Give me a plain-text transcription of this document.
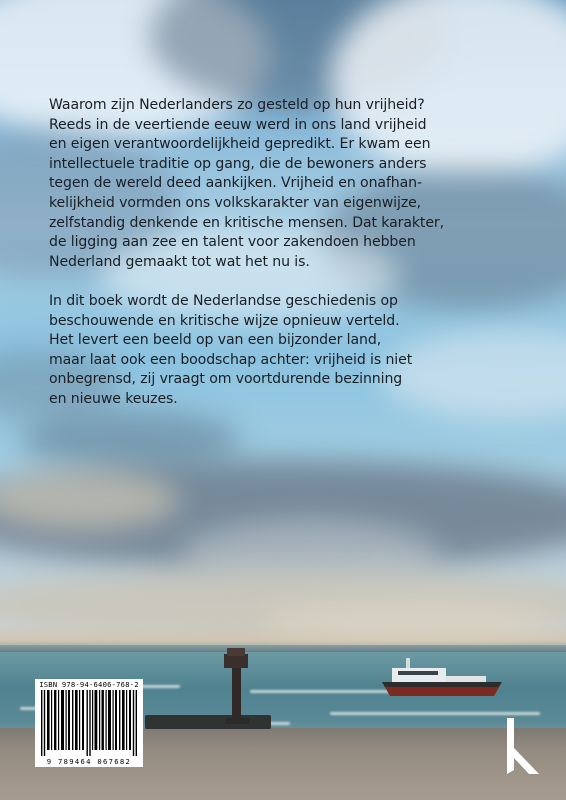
Waarom zijn Nederlanders zo gesteld op hun vrijheid?
Reeds in de veertiende eeuw werd in ons land vrijheid
en eigen verantwoordelijkheid gepredikt. Er kwam een
intellectuele traditie op gang, die de bewoners anders
tegen de wereld deed aankijken. Vrijheid en onafhan-
kelijkheid vormden ons volkskarakter van eigenwijze,
zelfstandig denkende en kritische mensen. Dat karakter,
de ligging aan zee en talent voor zakendoen hebben
Nederland gemaakt tot wat het nu is.

In dit boek wordt de Nederlandse geschiedenis op
beschouwende en kritische wijze opnieuw verteld.
Het levert een beeld op van een bijzonder land,
maar laat ook een boodschap achter: vrijheid is niet
onbegrensd, zij vraagt om voortdurende bezinning
en nieuwe keuzes.

ISBN 978-94-6406-768-2
9 789464 067682
